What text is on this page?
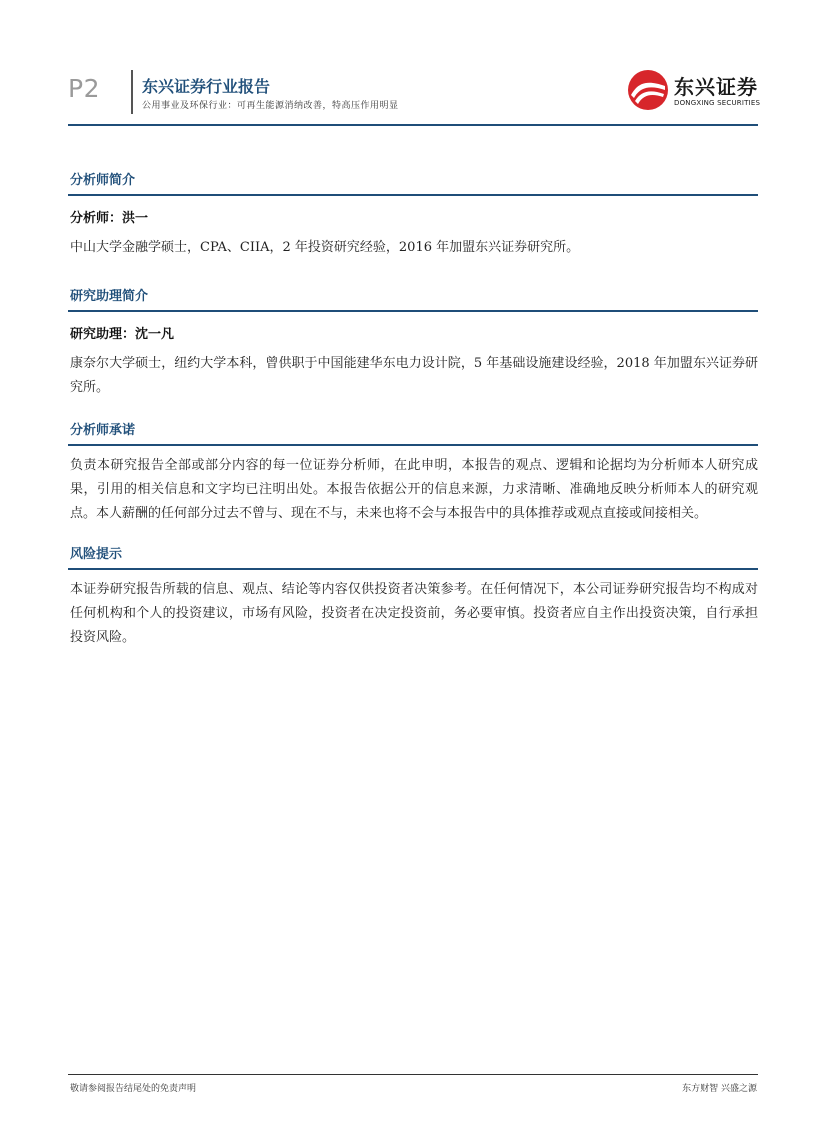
P2	东兴证券行业报告
公用事业及环保行业：可再生能源消纳改善，特高压作用明显
东兴证券
DONGXING SECURITIES
分析师简介
分析师：洪一
中山大学金融学硕士，CPA、CIIA，2 年投资研究经验，2016 年加盟东兴证券研究所。
研究助理简介
研究助理：沈一凡
康奈尔大学硕士，纽约大学本科，曾供职于中国能建华东电力设计院，5 年基础设施建设经验，2018 年加盟东兴证券研究所。
分析师承诺
负责本研究报告全部或部分内容的每一位证券分析师，在此申明，本报告的观点、逻辑和论据均为分析师本人研究成果，引用的相关信息和文字均已注明出处。本报告依据公开的信息来源，力求清晰、准确地反映分析师本人的研究观点。本人薪酬的任何部分过去不曾与、现在不与，未来也将不会与本报告中的具体推荐或观点直接或间接相关。
风险提示
本证券研究报告所载的信息、观点、结论等内容仅供投资者决策参考。在任何情况下，本公司证券研究报告均不构成对任何机构和个人的投资建议，市场有风险，投资者在决定投资前，务必要审慎。投资者应自主作出投资决策，自行承担投资风险。
敬请参阅报告结尾处的免责声明	东方财智 兴盛之源
